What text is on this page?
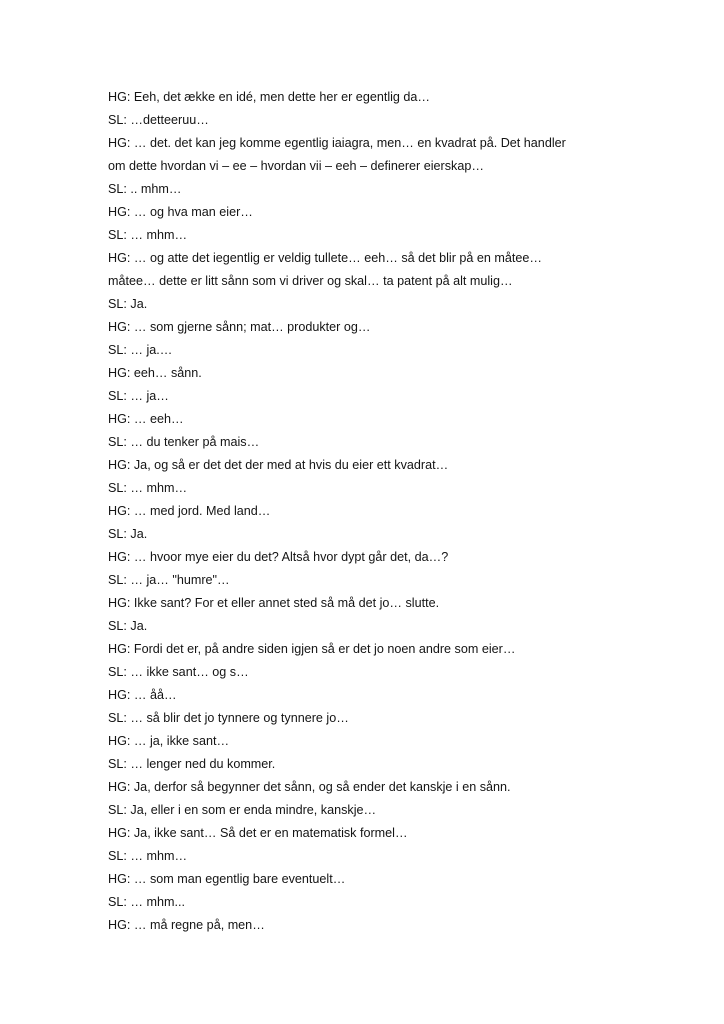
HG: Eeh, det ække en idé, men dette her er egentlig da…

SL: …detteeruu…

HG: … det. det kan jeg komme egentlig iaiagra, men… en kvadrat på. Det handler

om dette hvordan vi – ee – hvordan vii – eeh – definerer eierskap…

SL: .. mhm…

HG: … og hva man eier…

SL: … mhm…

HG: … og atte det iegentlig er veldig tullete… eeh… så det blir på en måtee…

måtee… dette er litt sånn som vi driver og skal… ta patent på alt mulig…

SL: Ja.

HG: … som gjerne sånn; mat… produkter og…

SL: … ja.…

HG: eeh… sånn.

SL: … ja…

HG: … eeh…

SL: … du tenker på mais…

HG: Ja, og så er det det der med at hvis du eier ett kvadrat…

SL: … mhm…

HG: … med jord. Med land…

SL: Ja.

HG: … hvoor mye eier du det? Altså hvor dypt går det, da…?

SL: … ja… "humre"…

HG: Ikke sant? For et eller annet sted så må det jo… slutte.

SL: Ja.

HG: Fordi det er, på andre siden igjen så er det jo noen andre som eier…

SL: … ikke sant… og s…

HG: … åå…

SL: … så blir det jo tynnere og tynnere jo…

HG: … ja, ikke sant…

SL: … lenger ned du kommer.

HG: Ja, derfor så begynner det sånn, og så ender det kanskje i en sånn.

SL: Ja, eller i en som er enda mindre, kanskje…

HG: Ja, ikke sant… Så det er en matematisk formel…

SL: … mhm…

HG: … som man egentlig bare eventuelt…

SL: … mhm...

HG: … må regne på, men…
